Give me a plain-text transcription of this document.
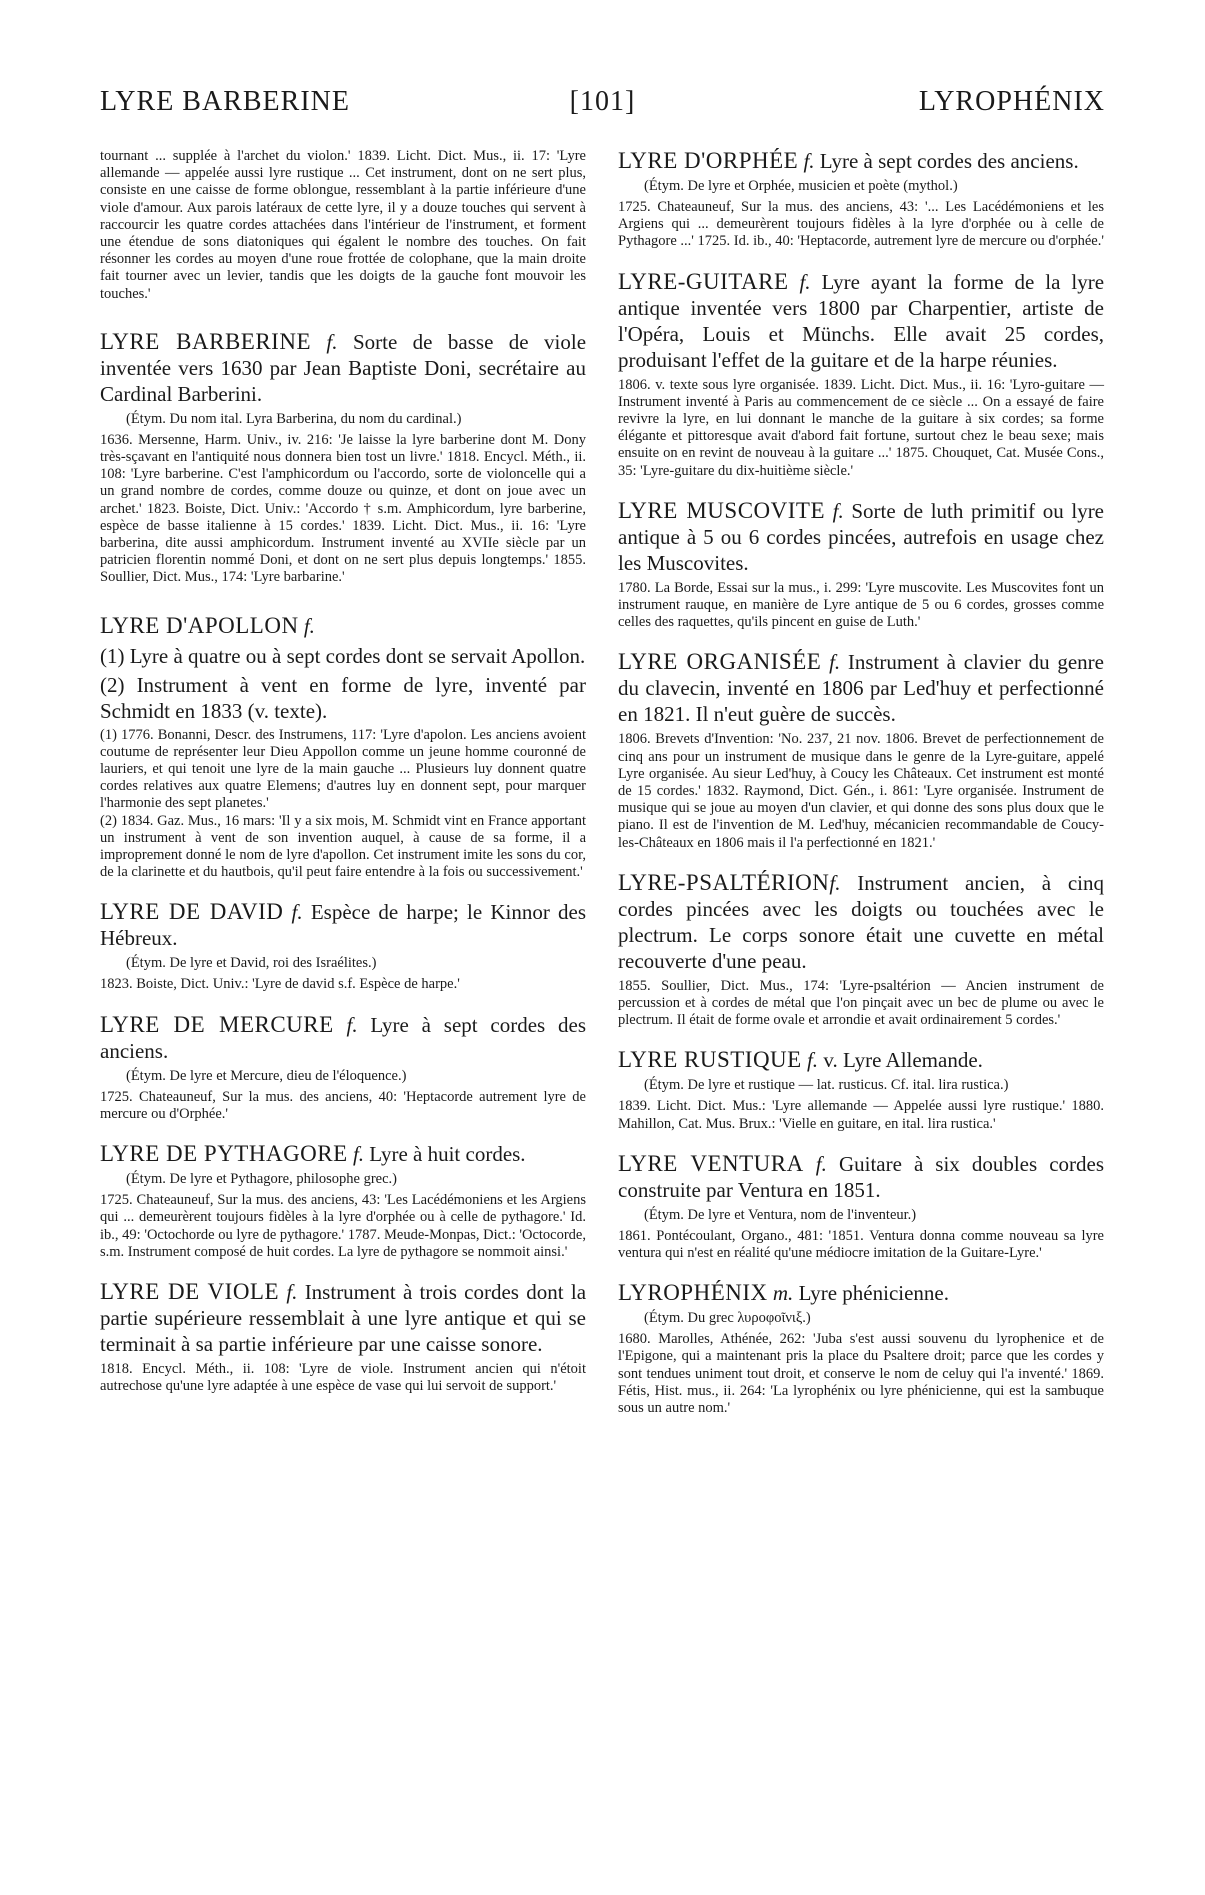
LYRE BARBERINE	[101]	LYROPHÉNIX

tournant ... supplée à l'archet du violon.' 1839. Licht. Dict. Mus., ii. 17: 'Lyre allemande — appelée aussi lyre rustique ... Cet instrument, dont on ne sert plus, consiste en une caisse de forme oblongue, ressemblant à la partie inférieure d'une viole d'amour. Aux parois latéraux de cette lyre, il y a douze touches qui servent à raccourcir les quatre cordes attachées dans l'intérieur de l'instrument, et forment une étendue de sons diatoniques qui égalent le nombre des touches. On fait résonner les cordes au moyen d'une roue frottée de colophane, que la main droite fait tourner avec un levier, tandis que les doigts de la gauche font mouvoir les touches.'

LYRE BARBERINE f. Sorte de basse de viole inventée vers 1630 par Jean Baptiste Doni, secrétaire au Cardinal Barberini.

(Étym. Du nom ital. Lyra Barberina, du nom du cardinal.)

1636. Mersenne, Harm. Univ., iv. 216: 'Je laisse la lyre barberine dont M. Dony très-sçavant en l'antiquité nous donnera bien tost un livre.' 1818. Encycl. Méth., ii. 108: 'Lyre barberine. C'est l'amphicordum ou l'accordo, sorte de violoncelle qui a un grand nombre de cordes, comme douze ou quinze, et dont on joue avec un archet.' 1823. Boiste, Dict. Univ.: 'Accordo † s.m. Amphicordum, lyre barberine, espèce de basse italienne à 15 cordes.' 1839. Licht. Dict. Mus., ii. 16: 'Lyre barberina, dite aussi amphicordum. Instrument inventé au XVIIe siècle par un patricien florentin nommé Doni, et dont on ne sert plus depuis longtemps.' 1855. Soullier, Dict. Mus., 174: 'Lyre barbarine.'

LYRE D'APOLLON f.

(1) Lyre à quatre ou à sept cordes dont se servait Apollon.

(2) Instrument à vent en forme de lyre, inventé par Schmidt en 1833 (v. texte).

(1) 1776. Bonanni, Descr. des Instrumens, 117: 'Lyre d'apolon. Les anciens avoient coutume de représenter leur Dieu Appollon comme un jeune homme couronné de lauriers, et qui tenoit une lyre de la main gauche ... Plusieurs luy donnent quatre cordes relatives aux quatre Elemens; d'autres luy en donnent sept, pour marquer l'harmonie des sept planetes.'

(2) 1834. Gaz. Mus., 16 mars: 'Il y a six mois, M. Schmidt vint en France apportant un instrument à vent de son invention auquel, à cause de sa forme, il a improprement donné le nom de lyre d'apollon. Cet instrument imite les sons du cor, de la clarinette et du hautbois, qu'il peut faire entendre à la fois ou successivement.'

LYRE DE DAVID f. Espèce de harpe; le Kinnor des Hébreux.

(Étym. De lyre et David, roi des Israélites.)

1823. Boiste, Dict. Univ.: 'Lyre de david s.f. Espèce de harpe.'

LYRE DE MERCURE f. Lyre à sept cordes des anciens.

(Étym. De lyre et Mercure, dieu de l'éloquence.)

1725. Chateauneuf, Sur la mus. des anciens, 40: 'Heptacorde autrement lyre de mercure ou d'Orphée.'

LYRE DE PYTHAGORE f. Lyre à huit cordes.

(Étym. De lyre et Pythagore, philosophe grec.)

1725. Chateauneuf, Sur la mus. des anciens, 43: 'Les Lacédémoniens et les Argiens qui ... demeurèrent toujours fidèles à la lyre d'orphée ou à celle de pythagore.' Id. ib., 49: 'Octochorde ou lyre de pythagore.' 1787. Meude-Monpas, Dict.: 'Octocorde, s.m. Instrument composé de huit cordes. La lyre de pythagore se nommoit ainsi.'

LYRE DE VIOLE f. Instrument à trois cordes dont la partie supérieure ressemblait à une lyre antique et qui se terminait à sa partie inférieure par une caisse sonore.

1818. Encycl. Méth., ii. 108: 'Lyre de viole. Instrument ancien qui n'étoit autrechose qu'une lyre adaptée à une espèce de vase qui lui servoit de support.'

LYRE D'ORPHÉE f. Lyre à sept cordes des anciens.

(Étym. De lyre et Orphée, musicien et poète (mythol.)

1725. Chateauneuf, Sur la mus. des anciens, 43: '... Les Lacédémoniens et les Argiens qui ... demeurèrent toujours fidèles à la lyre d'orphée ou à celle de Pythagore ...' 1725. Id. ib., 40: 'Heptacorde, autrement lyre de mercure ou d'orphée.'

LYRE-GUITARE f. Lyre ayant la forme de la lyre antique inventée vers 1800 par Charpentier, artiste de l'Opéra, Louis et Münchs. Elle avait 25 cordes, produisant l'effet de la guitare et de la harpe réunies.

1806. v. texte sous lyre organisée. 1839. Licht. Dict. Mus., ii. 16: 'Lyro-guitare — Instrument inventé à Paris au commencement de ce siècle ... On a essayé de faire revivre la lyre, en lui donnant le manche de la guitare à six cordes; sa forme élégante et pittoresque avait d'abord fait fortune, surtout chez le beau sexe; mais ensuite on en revint de nouveau à la guitare ...' 1875. Chouquet, Cat. Musée Cons., 35: 'Lyre-guitare du dix-huitième siècle.'

LYRE MUSCOVITE f. Sorte de luth primitif ou lyre antique à 5 ou 6 cordes pincées, autrefois en usage chez les Muscovites.

1780. La Borde, Essai sur la mus., i. 299: 'Lyre muscovite. Les Muscovites font un instrument rauque, en manière de Lyre antique de 5 ou 6 cordes, grosses comme celles des raquettes, qu'ils pincent en guise de Luth.'

LYRE ORGANISÉE f. Instrument à clavier du genre du clavecin, inventé en 1806 par Led'huy et perfectionné en 1821. Il n'eut guère de succès.

1806. Brevets d'Invention: 'No. 237, 21 nov. 1806. Brevet de perfectionnement de cinq ans pour un instrument de musique dans le genre de la Lyre-guitare, appelé Lyre organisée. Au sieur Led'huy, à Coucy les Châteaux. Cet instrument est monté de 15 cordes.' 1832. Raymond, Dict. Gén., i. 861: 'Lyre organisée. Instrument de musique qui se joue au moyen d'un clavier, et qui donne des sons plus doux que le piano. Il est de l'invention de M. Led'huy, mécanicien recommandable de Coucy-les-Châteaux en 1806 mais il l'a perfectionné en 1821.'

LYRE-PSALTÉRIONf. Instrument ancien, à cinq cordes pincées avec les doigts ou touchées avec le plectrum. Le corps sonore était une cuvette en métal recouverte d'une peau.

1855. Soullier, Dict. Mus., 174: 'Lyre-psaltérion — Ancien instrument de percussion et à cordes de métal que l'on pinçait avec un bec de plume ou avec le plectrum. Il était de forme ovale et arrondie et avait ordinairement 5 cordes.'

LYRE RUSTIQUE f. v. Lyre Allemande.

(Étym. De lyre et rustique — lat. rusticus. Cf. ital. lira rustica.)

1839. Licht. Dict. Mus.: 'Lyre allemande — Appelée aussi lyre rustique.' 1880. Mahillon, Cat. Mus. Brux.: 'Vielle en guitare, en ital. lira rustica.'

LYRE VENTURA f. Guitare à six doubles cordes construite par Ventura en 1851.

(Étym. De lyre et Ventura, nom de l'inventeur.)

1861. Pontécoulant, Organo., 481: '1851. Ventura donna comme nouveau sa lyre ventura qui n'est en réalité qu'une médiocre imitation de la Guitare-Lyre.'

LYROPHÉNIX m. Lyre phénicienne.

(Étym. Du grec λυροφοῖνιξ.)

1680. Marolles, Athénée, 262: 'Juba s'est aussi souvenu du lyrophenice et de l'Epigone, qui a maintenant pris la place du Psaltere droit; parce que les cordes y sont tendues uniment tout droit, et conserve le nom de celuy qui l'a inventé.' 1869. Fétis, Hist. mus., ii. 264: 'La lyrophénix ou lyre phénicienne, qui est la sambuque sous un autre nom.'
